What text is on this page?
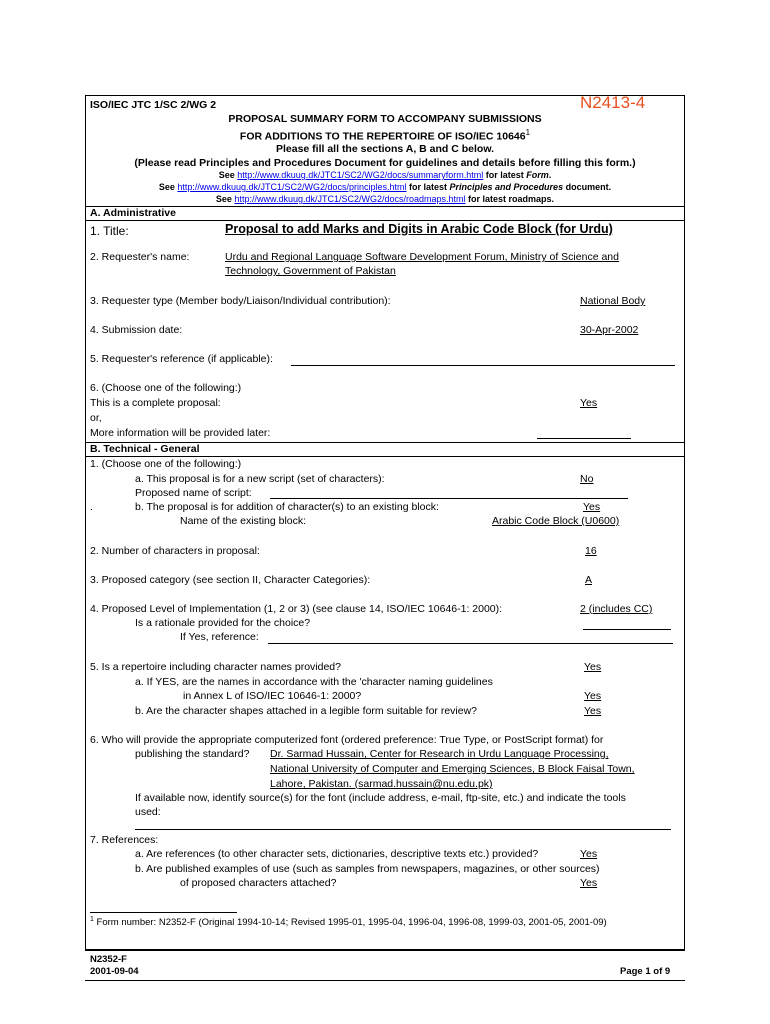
ISO/IEC JTC 1/SC 2/WG 2	N2413-4
PROPOSAL SUMMARY FORM TO ACCOMPANY SUBMISSIONS
FOR ADDITIONS TO THE REPERTOIRE OF ISO/IEC 10646$^1$
Please fill all the sections A, B and C below.
(Please read Principles and Procedures Document for guidelines and details before filling this form.)
See http://www.dkuug.dk/JTC1/SC2/WG2/docs/summaryform.html for latest Form.
See http://www.dkuug.dk/JTC1/SC2/WG2/docs/principles.html for latest Principles and Procedures document.
See http://www.dkuug.dk/JTC1/SC2/WG2/docs/roadmaps.html for latest roadmaps.
A. Administrative
1. Title:	Proposal to add Marks and Digits in Arabic Code Block (for Urdu)
2. Requester's name:	Urdu and Regional Language Software Development Forum, Ministry of Science and
Technology, Government of Pakistan
3. Requester type (Member body/Liaison/Individual contribution):	National Body
4. Submission date:	30-Apr-2002
5. Requester's reference (if applicable):
6. (Choose one of the following:)
This is a complete proposal:	Yes
or,
More information will be provided later:
B. Technical - General
1. (Choose one of the following:)
a. This proposal is for a new script (set of characters):	No
Proposed name of script:
.	b. The proposal is for addition of character(s) to an existing block:	Yes
Name of the existing block:	Arabic Code Block (U0600)
2. Number of characters in proposal:	16
3. Proposed category (see section II, Character Categories):	A
4. Proposed Level of Implementation (1, 2 or 3) (see clause 14, ISO/IEC 10646-1: 2000):	2 (includes CC)
Is a rationale provided for the choice?
If Yes, reference:
5. Is a repertoire including character names provided?	Yes
a. If YES, are the names in accordance with the 'character naming guidelines
in Annex L of ISO/IEC 10646-1: 2000?	Yes
b. Are the character shapes attached in a legible form suitable for review?	Yes
6. Who will provide the appropriate computerized font (ordered preference: True Type, or PostScript format) for
publishing the standard? Dr. Sarmad Hussain, Center for Research in Urdu Language Processing,
National University of Computer and Emerging Sciences, B Block Faisal Town,
Lahore, Pakistan. (sarmad.hussain@nu.edu.pk)
If available now, identify source(s) for the font (include address, e-mail, ftp-site, etc.) and indicate the tools
used:
7. References:
a. Are references (to other character sets, dictionaries, descriptive texts etc.) provided?	Yes
b. Are published examples of use (such as samples from newspapers, magazines, or other sources)
of proposed characters attached?	Yes
$^1$ Form number: N2352-F (Original 1994-10-14; Revised 1995-01, 1995-04, 1996-04, 1996-08, 1999-03, 2001-05, 2001-09)
N2352-F
2001-09-04	Page 1 of 9
